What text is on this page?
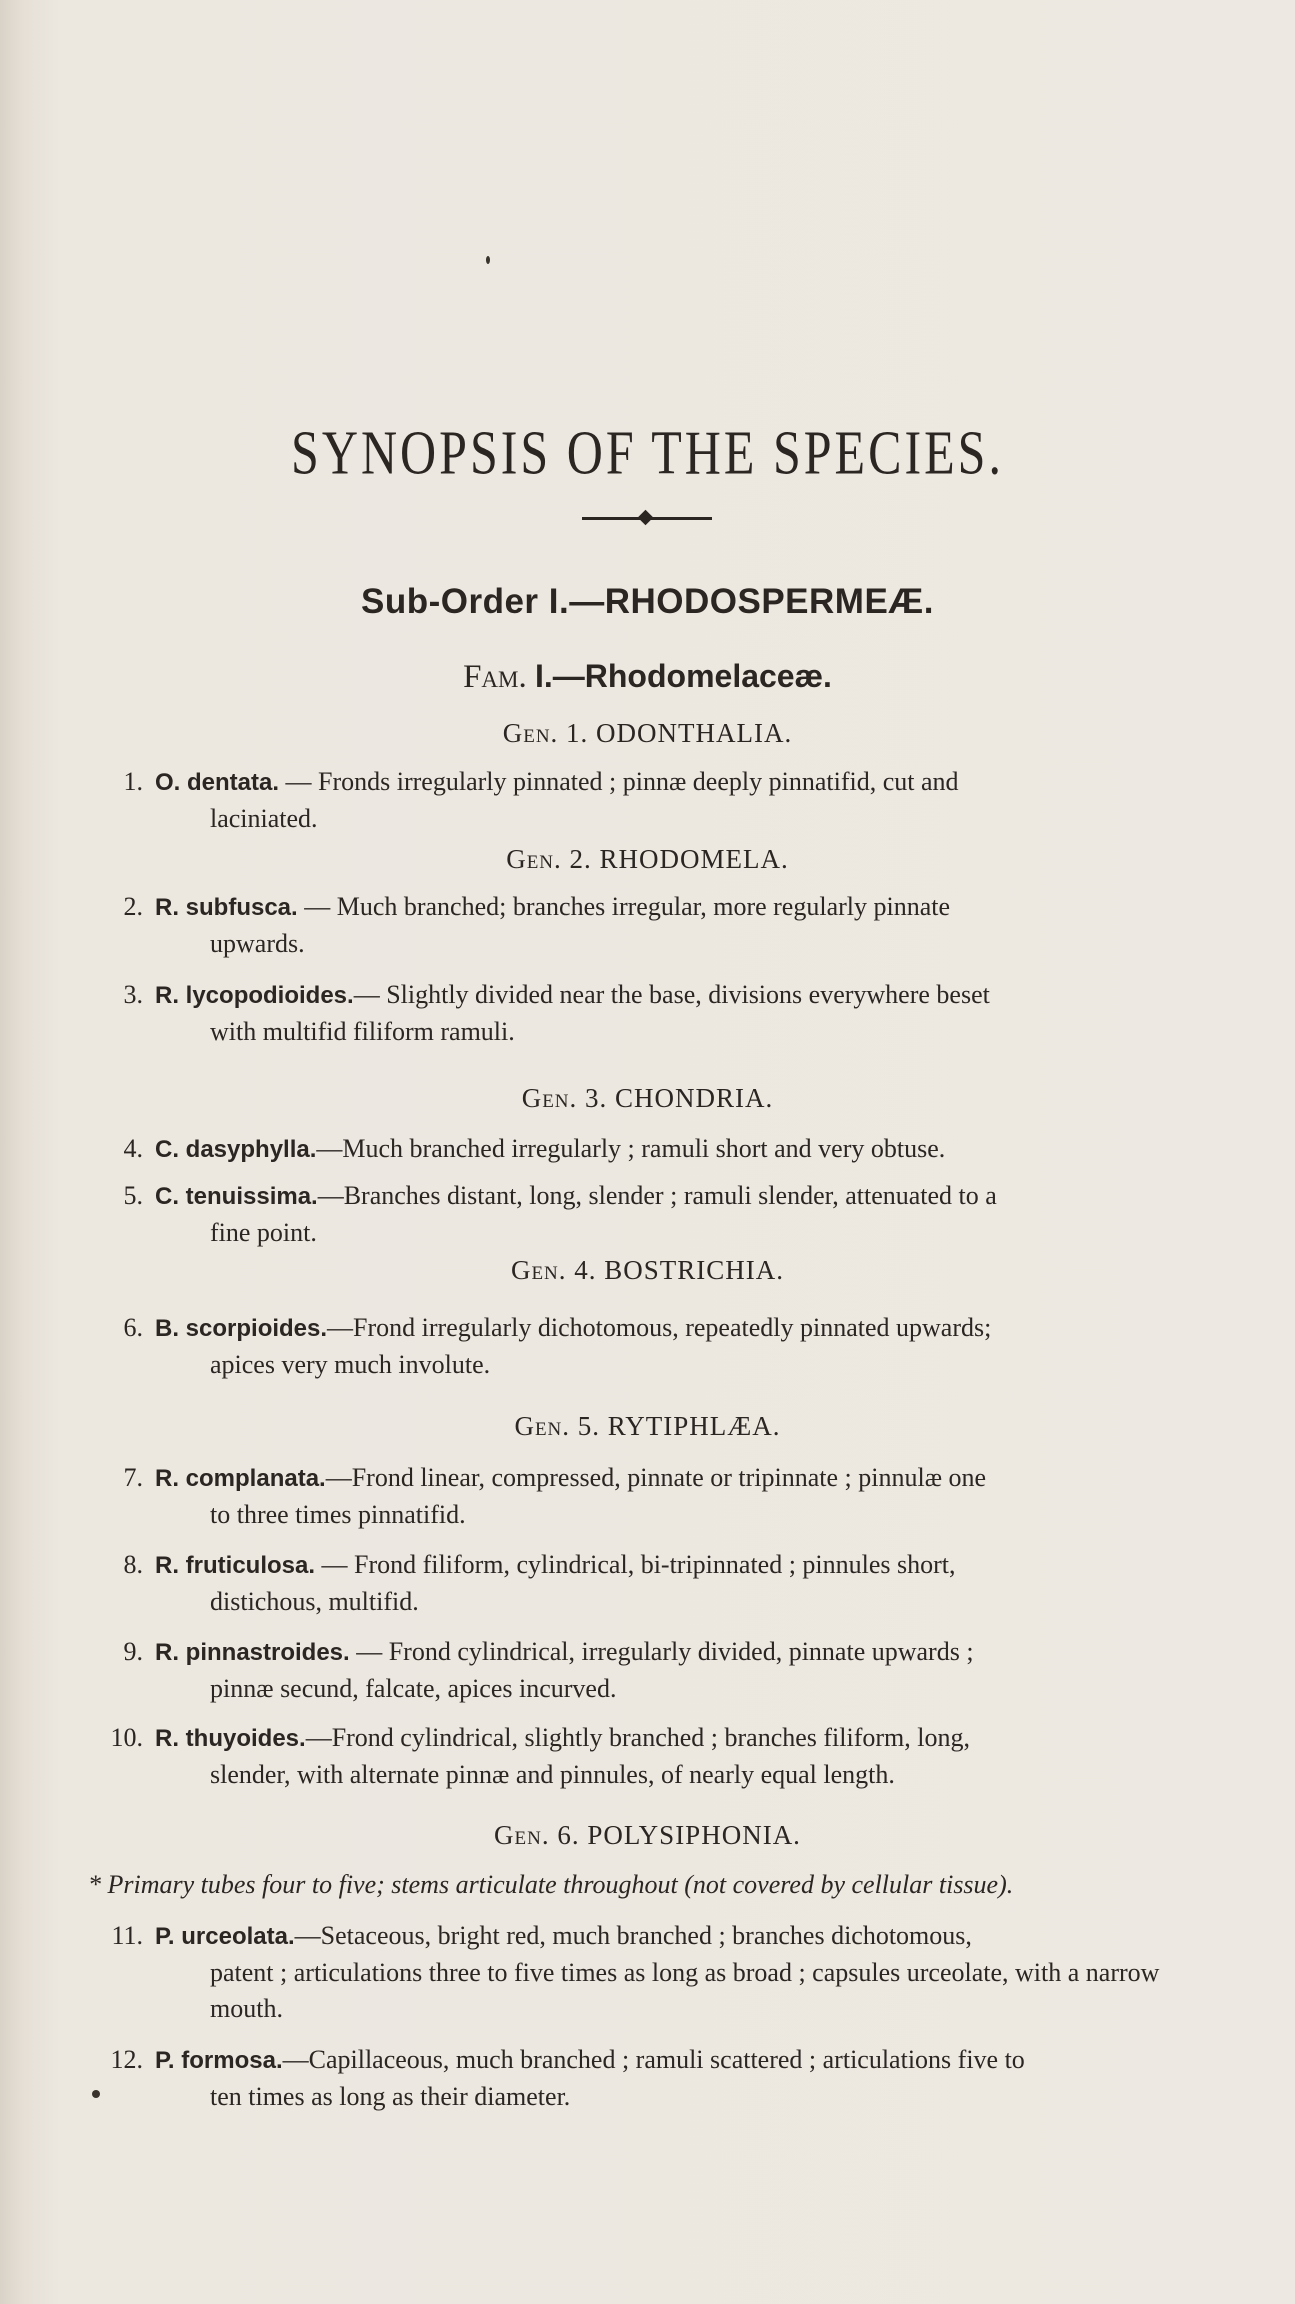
SYNOPSIS OF THE SPECIES.
Sub-Order I.—RHODOSPERMEÆ.
Fam. I.—Rhodomelaceæ.
Gen. 1. ODONTHALIA.
1. O. dentata. — Fronds irregularly pinnated ; pinnæ deeply pinnatifid, cut and
laciniated.
Gen. 2. RHODOMELA.
2. R. subfusca. — Much branched; branches irregular, more regularly pinnate
upwards.
3. R. lycopodioides.— Slightly divided near the base, divisions everywhere beset
with multifid filiform ramuli.
Gen. 3. CHONDRIA.
4. C. dasyphylla.—Much branched irregularly ; ramuli short and very obtuse.
5. C. tenuissima.—Branches distant, long, slender ; ramuli slender, attenuated to a
fine point.
Gen. 4. BOSTRICHIA.
6. B. scorpioides.—Frond irregularly dichotomous, repeatedly pinnated upwards;
apices very much involute.
Gen. 5. RYTIPHLÆA.
7. R. complanata.—Frond linear, compressed, pinnate or tripinnate ; pinnulæ one
to three times pinnatifid.
8. R. fruticulosa. — Frond filiform, cylindrical, bi-tripinnated ; pinnules short,
distichous, multifid.
9. R. pinnastroides. — Frond cylindrical, irregularly divided, pinnate upwards ;
pinnæ secund, falcate, apices incurved.
10. R. thuyoides.—Frond cylindrical, slightly branched ; branches filiform, long,
slender, with alternate pinnæ and pinnules, of nearly equal length.
Gen. 6. POLYSIPHONIA.
* Primary tubes four to five; stems articulate throughout (not covered by cellular tissue).
11. P. urceolata.—Setaceous, bright red, much branched ; branches dichotomous,
patent ; articulations three to five times as long as broad ; capsules urceolate, with a narrow mouth.
12. P. formosa.—Capillaceous, much branched ; ramuli scattered ; articulations five to
ten times as long as their diameter.
